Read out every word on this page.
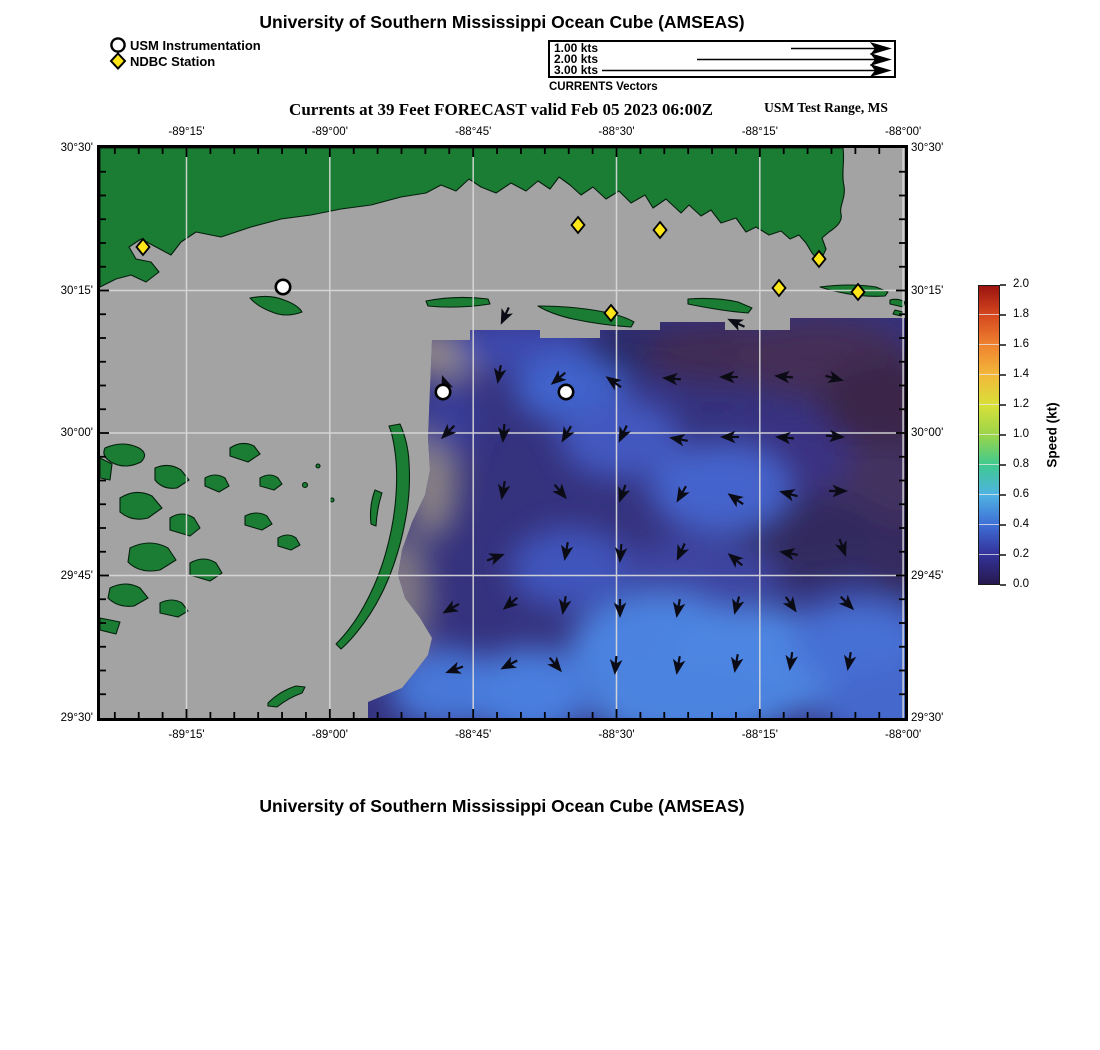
University of Southern Mississippi Ocean Cube (AMSEAS)
USM Instrumentation
NDBC Station
1.00 kts
2.00 kts
3.00 kts
CURRENTS Vectors
Currents at 39 Feet FORECAST valid Feb 05 2023 06:00Z	USM Test Range, MS
-89°15'	-89°00'	-88°45'	-88°30'	-88°15'	-88°00'
-89°15'	-89°00'	-88°45'	-88°30'	-88°15'	-88°00'
30°30'
30°15'
30°00'
29°45'
29°30'
30°30'
30°15'
30°00'
29°45'
29°30'
0.0
0.2
0.4
0.6
0.8
1.0
1.2
1.4
1.6
1.8
2.0
Speed (kt)
University of Southern Mississippi Ocean Cube (AMSEAS)
